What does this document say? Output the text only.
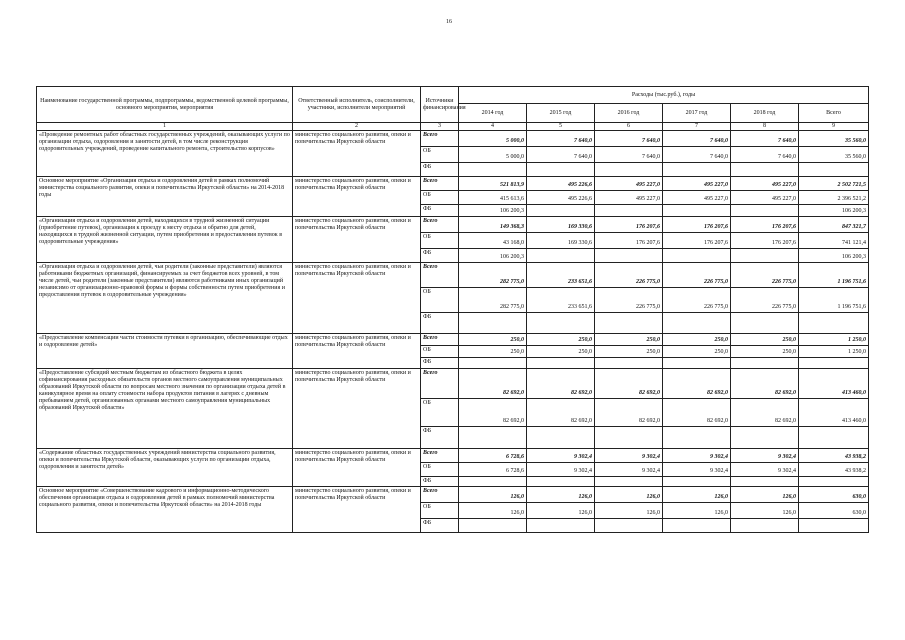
16
Наименование государственной программы, подпрограммы, ведомственной целевой программы, основного мероприятия, мероприятия	Ответственный исполнитель, соисполнители, участники, исполнители мероприятий	Источники финансирования	Расходы (тыс.руб.), годы					
			2014 год	2015 год	2016 год	2017 год	2018 год	Всего
1	2	3	4	5	6	7	8	9
«Проведение ремонтных работ областных государственных учреждений, оказывающих услуги по организации отдыха, оздоровления и занятости детей, в том числе реконструкция оздоровительных учреждений, проведение капитального ремонта, строительство корпусов»	министерство социального развития, опеки и попечительства Иркутской области	Всего	5 000,0	7 640,0	7 640,0	7 640,0	7 640,0	35 560,0
		ОБ	5 000,0	7 640,0	7 640,0	7 640,0	7 640,0	35 560,0
		ФБ						
Основное мероприятие «Организация отдыха и оздоровления детей в рамках полномочий министерства социального развития, опеки и попечительства Иркутской области» на 2014-2018 годы	министерство социального развития, опеки и попечительства Иркутской области	Всего	521 813,9	495 226,6	495 227,0	495 227,0	495 227,0	2 502 721,5
		ОБ	415 613,6	495 226,6	495 227,0	495 227,0	495 227,0	2 396 521,2
		ФБ	106 200,3					106 200,3
«Организация отдыха и оздоровления детей, находящихся в трудной жизненной ситуации (приобретение путевок), организация к проезду к месту отдыха и обратно для детей, находящихся в трудной жизненной ситуации, путем приобретения и предоставления путевок в оздоровительные учреждения»	министерство социального развития, опеки и попечительства Иркутской области	Всего	149 368,3	169 330,6	176 207,6	176 207,6	176 207,6	847 321,7
		ОБ	43 168,0	169 330,6	176 207,6	176 207,6	176 207,6	741 121,4
		ФБ	106 200,3					106 200,3
«Организация отдыха и оздоровления детей, чьи родители (законные представители) являются работниками бюджетных организаций, финансируемых за счет бюджетов всех уровней, в том числе детей, чьи родители (законные представители) являются работниками иных организаций независимо от организационно-правовой формы и формы собственности путем приобретения и предоставления путевок в оздоровительные учреждения»	министерство социального развития, опеки и попечительства Иркутской области	Всего	282 775,0	233 651,6	226 775,0	226 775,0	226 775,0	1 196 751,6
		ОБ	282 775,0	233 651,6	226 775,0	226 775,0	226 775,0	1 196 751,6
		ФБ						
«Предоставление компенсации части стоимости путевки в организацию, обеспечивающие отдых и оздоровление детей»	министерство социального развития, опеки и попечительства Иркутской области	Всего	250,0	250,0	250,0	250,0	250,0	1 250,0
		ОБ	250,0	250,0	250,0	250,0	250,0	1 250,0
		ФБ						
«Предоставление субсидий местным бюджетам из областного бюджета в целях софинансирования расходных обязательств органов местного самоуправления муниципальных образований Иркутской области по вопросам местного значения по организации отдыха детей в каникулярное время на оплату стоимости набора продуктов питания в лагерях с дневным пребыванием детей, организованных органами местного самоуправления муниципальных образований Иркутской области»	министерство социального развития, опеки и попечительства Иркутской области	Всего	82 692,0	82 692,0	82 692,0	82 692,0	82 692,0	413 460,0
		ОБ	82 692,0	82 692,0	82 692,0	82 692,0	82 692,0	413 460,0
		ФБ						
«Содержание областных государственных учреждений министерства социального развития, опеки и попечительства Иркутской области, оказывающих услуги по организации отдыха, оздоровления и занятости детей»	министерство социального развития, опеки и попечительства Иркутской области	Всего	6 728,6	9 302,4	9 302,4	9 302,4	9 302,4	43 938,2
		ОБ	6 728,6	9 302,4	9 302,4	9 302,4	9 302,4	43 938,2
		ФБ						
Основное мероприятие «Совершенствование кадрового и информационно-методического обеспечения организации отдыха и оздоровления детей в рамках полномочий министерства социального развития, опеки и попечительства Иркутской области» на 2014-2018 годы	министерство социального развития, опеки и попечительства Иркутской области	Всего	126,0	126,0	126,0	126,0	126,0	630,0
		ОБ	126,0	126,0	126,0	126,0	126,0	630,0
		ФБ						
